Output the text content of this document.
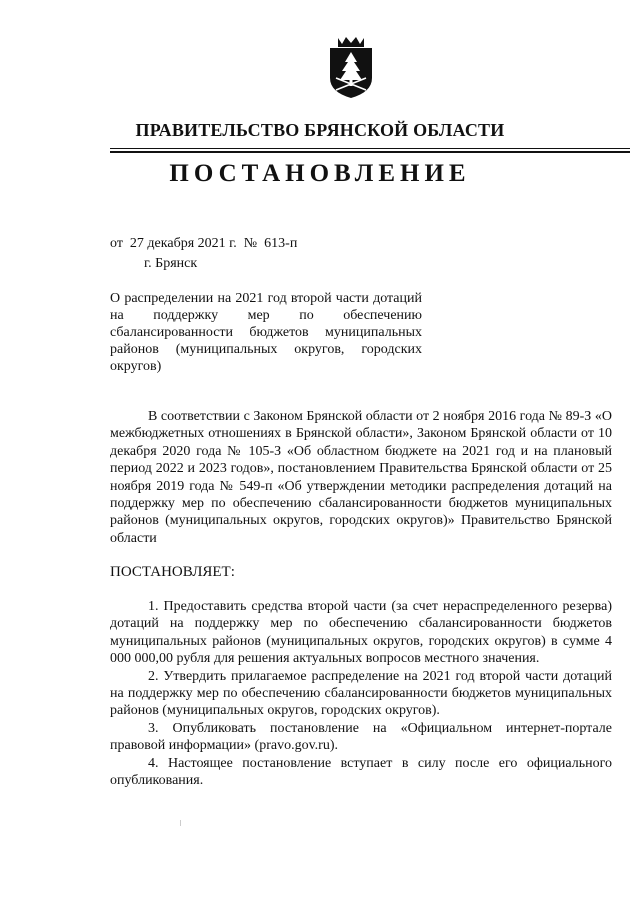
ПРАВИТЕЛЬСТВО БРЯНСКОЙ ОБЛАСТИ
ПОСТАНОВЛЕНИЕ
от  27 декабря 2021 г.  №  613-п
г. Брянск
О распределении на 2021 год второй части дотаций на поддержку мер по обеспечению сбалансированности бюджетов муниципальных районов (муниципальных округов, городских округов)
В соответствии с Законом Брянской области от 2 ноября 2016 года № 89-З «О межбюджетных отношениях в Брянской области», Законом Брянской области от 10 декабря 2020 года № 105-З «Об областном бюджете на 2021 год и на плановый период 2022 и 2023 годов», постановлением Правительства Брянской области от 25 ноября 2019 года № 549-п «Об утверждении методики распределения дотаций на поддержку мер по обеспечению сбалансированности бюджетов муниципальных районов (муниципальных округов, городских округов)» Правительство Брянской области
ПОСТАНОВЛЯЕТ:

1. Предоставить средства второй части (за счет нераспределенного резерва) дотаций на поддержку мер по обеспечению сбалансированности бюджетов муниципальных районов (муниципальных округов, городских округов) в сумме 4 000 000,00 рубля для решения актуальных вопросов местного значения.

2. Утвердить прилагаемое распределение на 2021 год второй части дотаций на поддержку мер по обеспечению сбалансированности бюджетов муниципальных районов (муниципальных округов, городских округов).

3. Опубликовать постановление на «Официальном интернет-портале правовой информации» (pravo.gov.ru).

4. Настоящее постановление вступает в силу после его официального опубликования.
